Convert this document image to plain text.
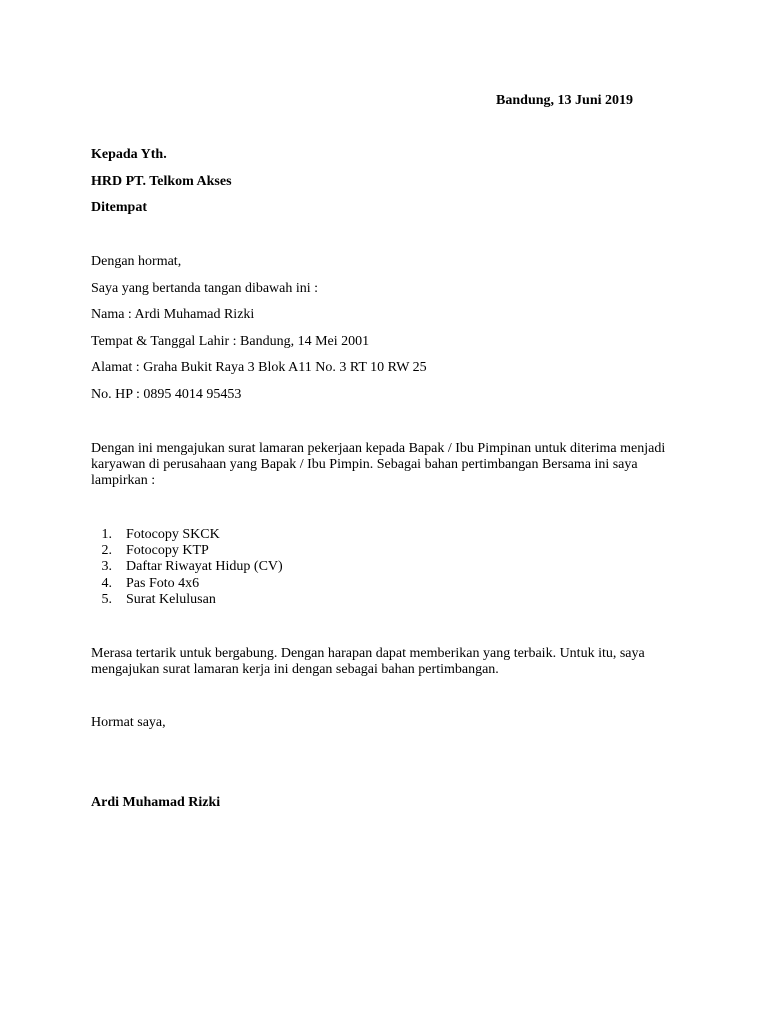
Bandung, 13 Juni 2019
Kepada Yth.
HRD PT. Telkom Akses
Ditempat
Dengan hormat,
Saya yang bertanda tangan dibawah ini :
Nama : Ardi Muhamad Rizki
Tempat & Tanggal Lahir : Bandung, 14 Mei 2001
Alamat : Graha Bukit Raya 3 Blok A11 No. 3 RT 10 RW 25
No. HP : 0895 4014 95453
Dengan ini mengajukan surat lamaran pekerjaan kepada Bapak / Ibu Pimpinan untuk diterima menjadi karyawan di perusahaan yang Bapak / Ibu Pimpin. Sebagai bahan pertimbangan Bersama ini saya lampirkan :
1. Fotocopy SKCK
2. Fotocopy KTP
3. Daftar Riwayat Hidup (CV)
4. Pas Foto 4x6
5. Surat Kelulusan
Merasa tertarik untuk bergabung. Dengan harapan dapat memberikan yang terbaik. Untuk itu, saya mengajukan surat lamaran kerja ini dengan sebagai bahan pertimbangan.
Hormat saya,
Ardi Muhamad Rizki
